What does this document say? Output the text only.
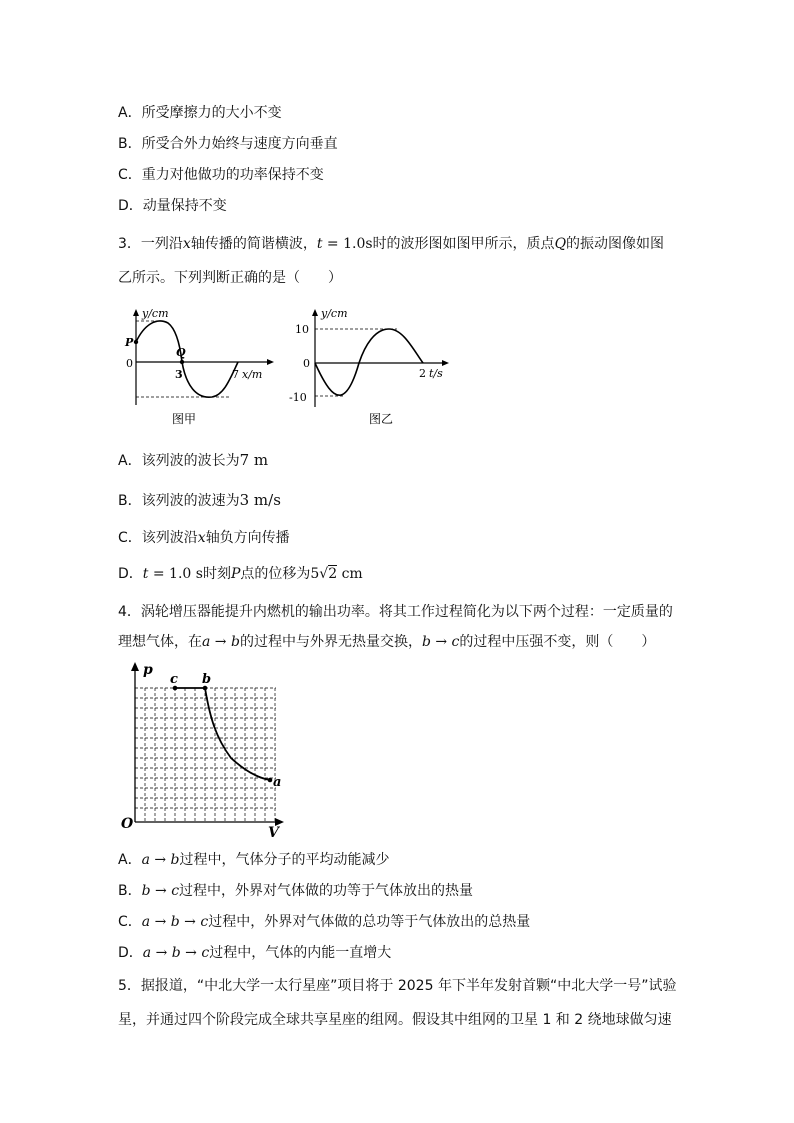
A．所受摩擦力的大小不变
B．所受合外力始终与速度方向垂直
C．重力对他做功的功率保持不变
D．动量保持不变
3．一列沿x轴传播的简谐横波，t = 1.0s时的波形图如图甲所示，质点Q的振动图像如图
乙所示。下列判断正确的是（　　）
y/cm
P
Q
0
3	7 x/m
图甲
y/cm
10
0
-10
2 t/s
图乙
A．该列波的波长为7 m
B．该列波的波速为3 m/s
C．该列波沿x轴负方向传播
D．t = 1.0 s时刻P点的位移为5√2 cm
4．涡轮增压器能提升内燃机的输出功率。将其工作过程简化为以下两个过程：一定质量的
理想气体，在a → b的过程中与外界无热量交换，b → c的过程中压强不变，则（　　）
p
c b
a
O
V
A．a → b过程中，气体分子的平均动能减少
B．b → c过程中，外界对气体做的功等于气体放出的热量
C．a → b → c过程中，外界对气体做的总功等于气体放出的总热量
D．a → b → c过程中，气体的内能一直增大
5．据报道，“中北大学一太行星座”项目将于 2025 年下半年发射首颗“中北大学一号”试验
星，并通过四个阶段完成全球共享星座的组网。假设其中组网的卫星 1 和 2 绕地球做匀速
